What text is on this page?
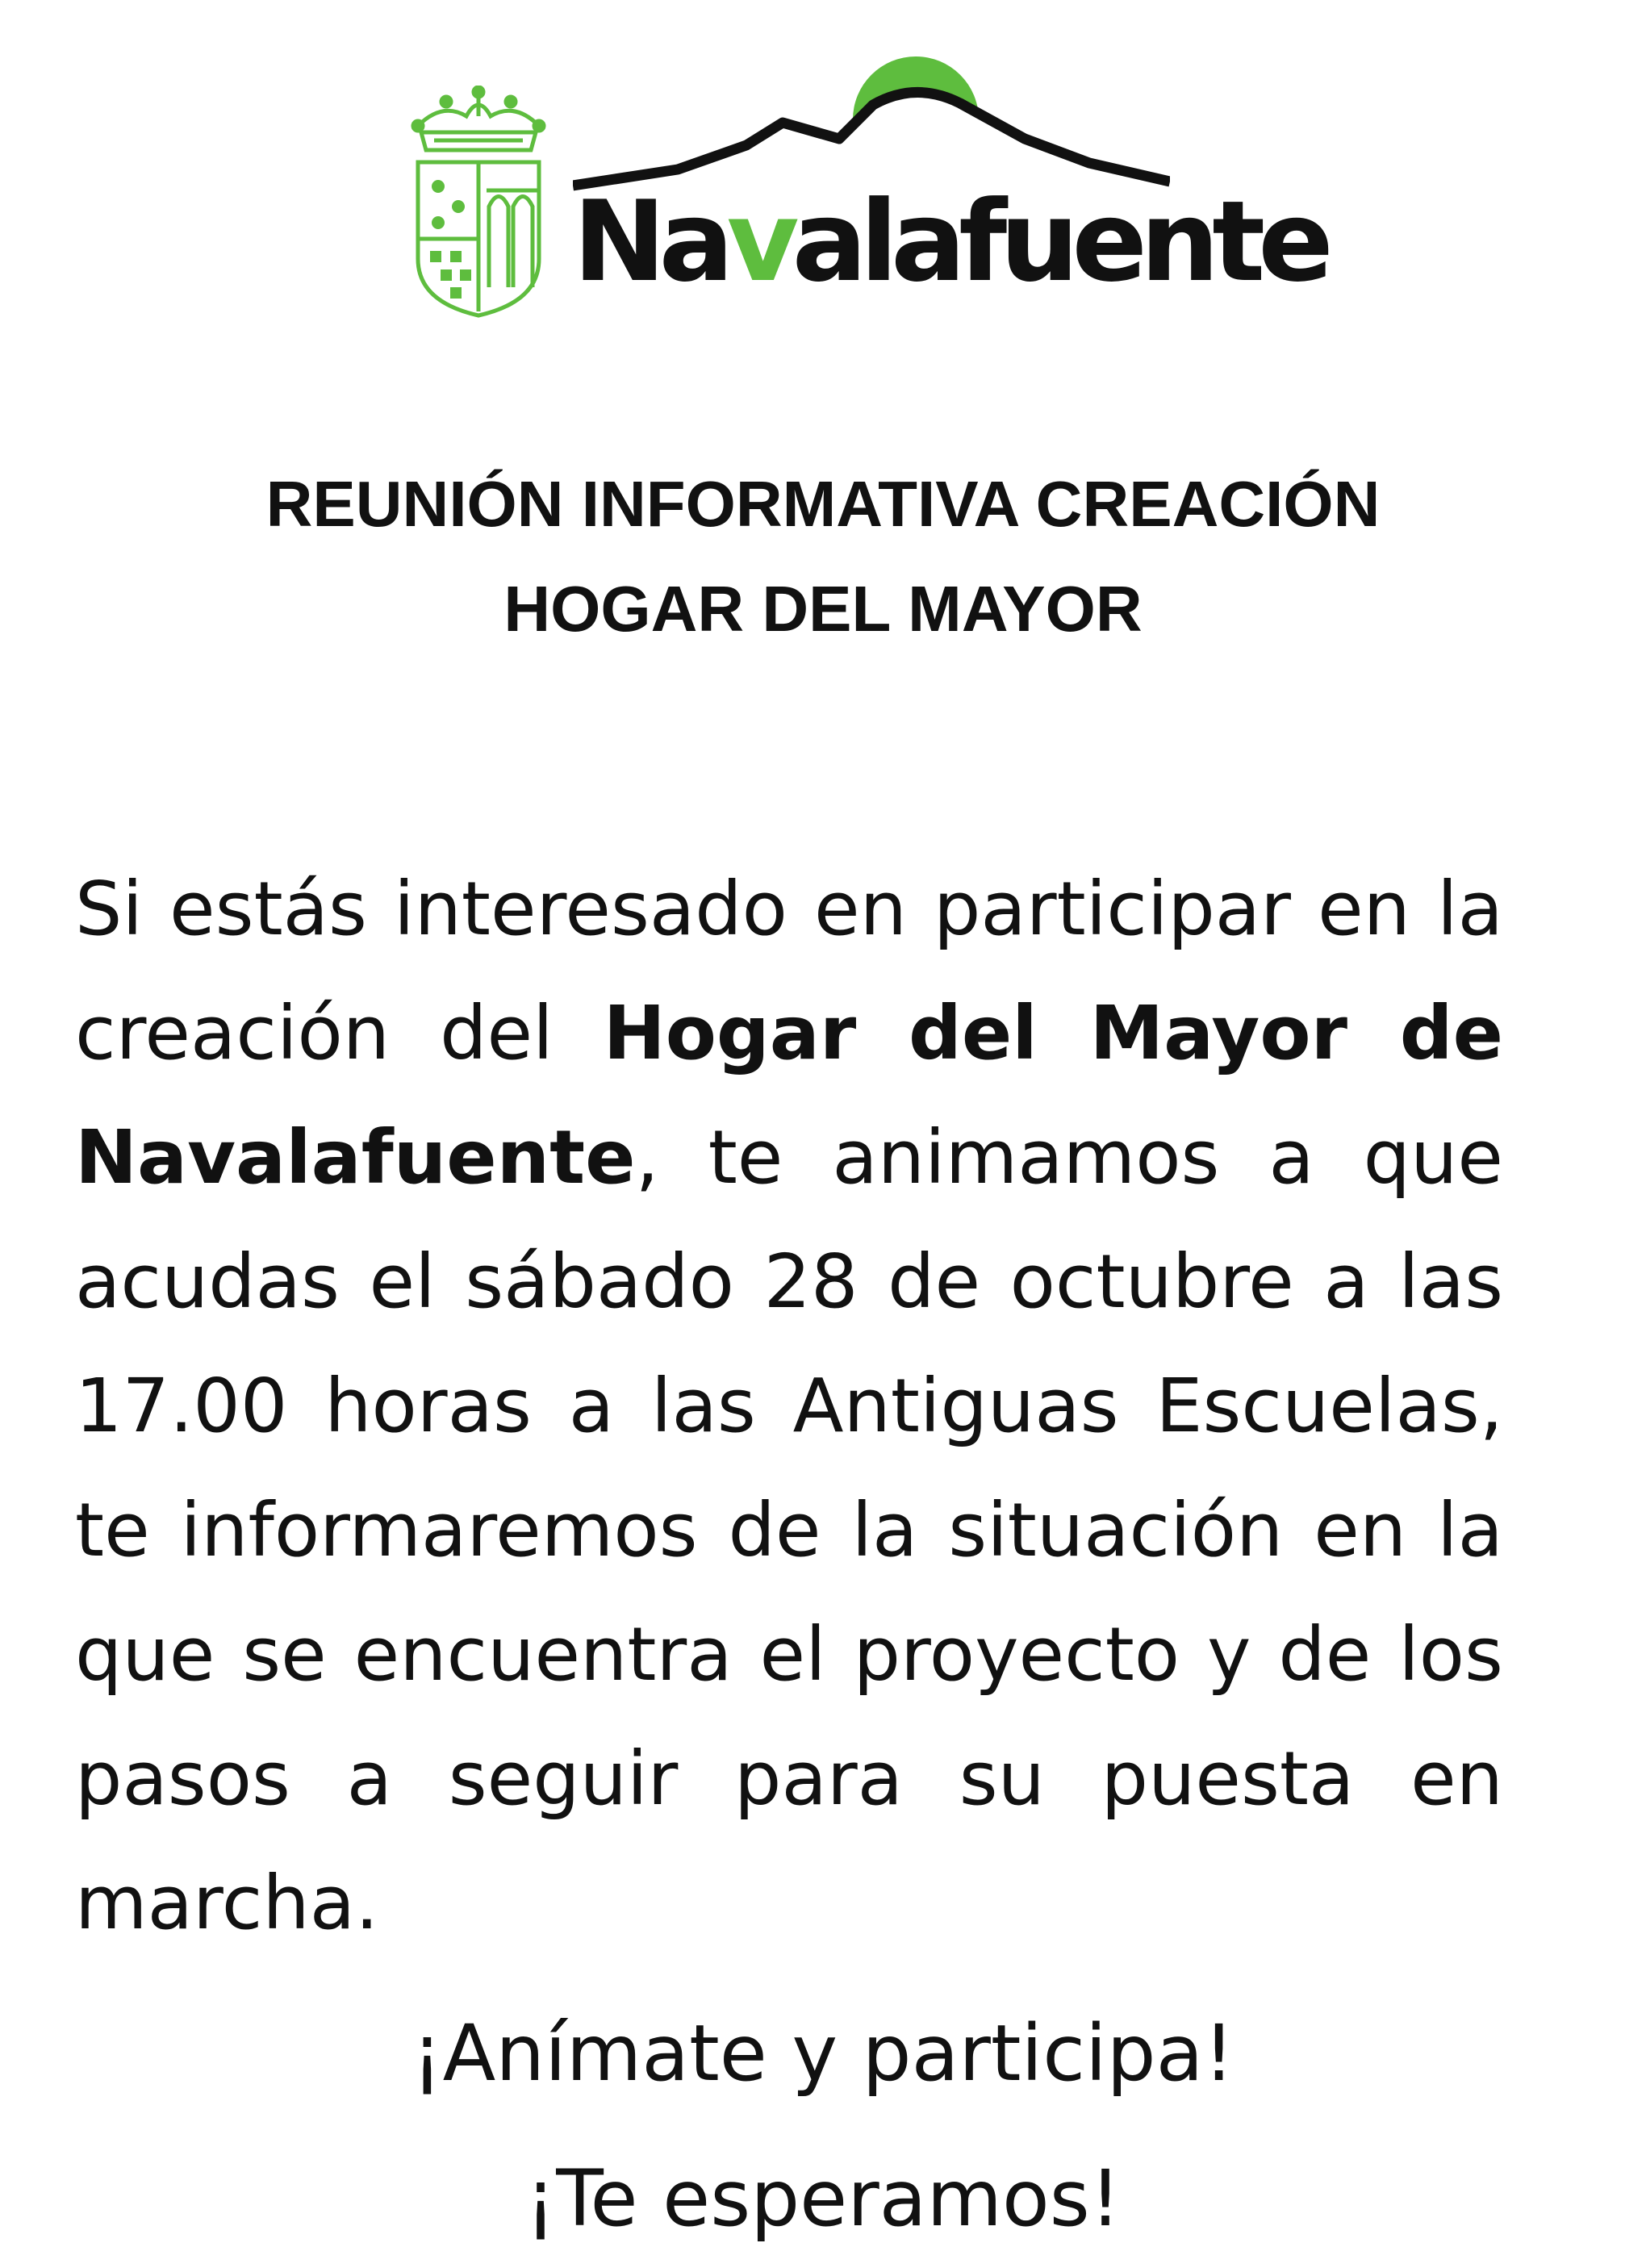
Navalafuente
REUNIÓN INFORMATIVA CREACIÓN
HOGAR DEL MAYOR

Si estás interesado en participar en la creación del Hogar del Mayor de Navalafuente, te animamos a que acudas el sábado 28 de octubre a las 17.00 horas a las Antiguas Escuelas, te informaremos de la situación en la que se encuentra el proyecto y de los pasos a seguir para su puesta en marcha.

¡Anímate y participa!

¡Te esperamos!
